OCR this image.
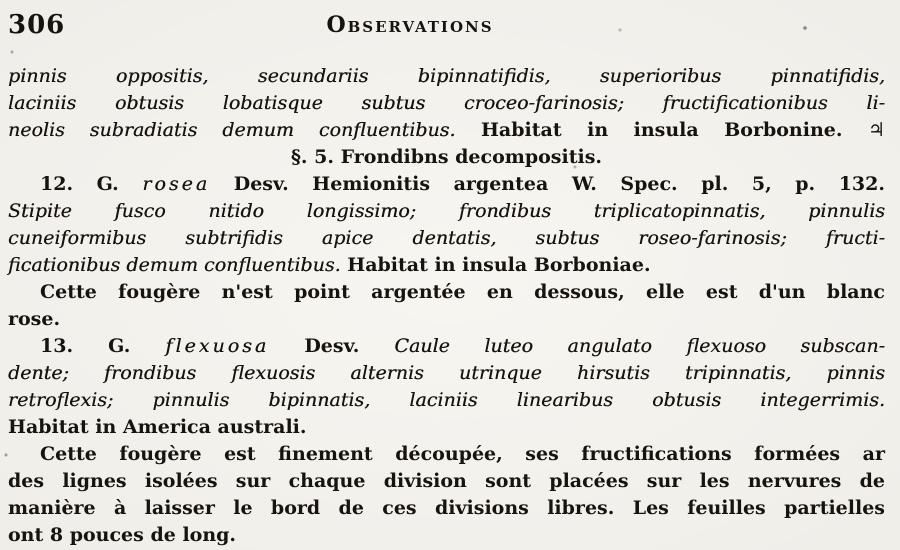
306	Observations
pinnis oppositis, secundariis bipinnatifidis, superioribus pinnatifidis,
laciniis obtusis lobatisque subtus croceo-farinosis; fructificationibus li-
neolis subradiatis demum confluentibus. Habitat in insula Borbonine. ♃
§. 5. Frondibns decompositis.
12. G. rosea Desv. Hemionitis argentea W. Spec. pl. 5, p. 132.
Stipite fusco nitido longissimo; frondibus triplicatopinnatis, pinnulis
cuneiformibus subtrifidis apice dentatis, subtus roseo-farinosis; fructi-
ficationibus demum confluentibus. Habitat in insula Borboniae.
Cette fougère n'est point argentée en dessous, elle est d'un blanc
rose.
13. G. flexuosa Desv. Caule luteo angulato flexuoso subscan-
dente; frondibus flexuosis alternis utrinque hirsutis tripinnatis, pinnis
retroflexis; pinnulis bipinnatis, laciniis linearibus obtusis integerrimis.
Habitat in America australi.
Cette fougère est finement découpée, ses fructifications formées ar
des lignes isolées sur chaque division sont placées sur les nervures de
manière à laisser le bord de ces divisions libres. Les feuilles partielles
ont 8 pouces de long.
